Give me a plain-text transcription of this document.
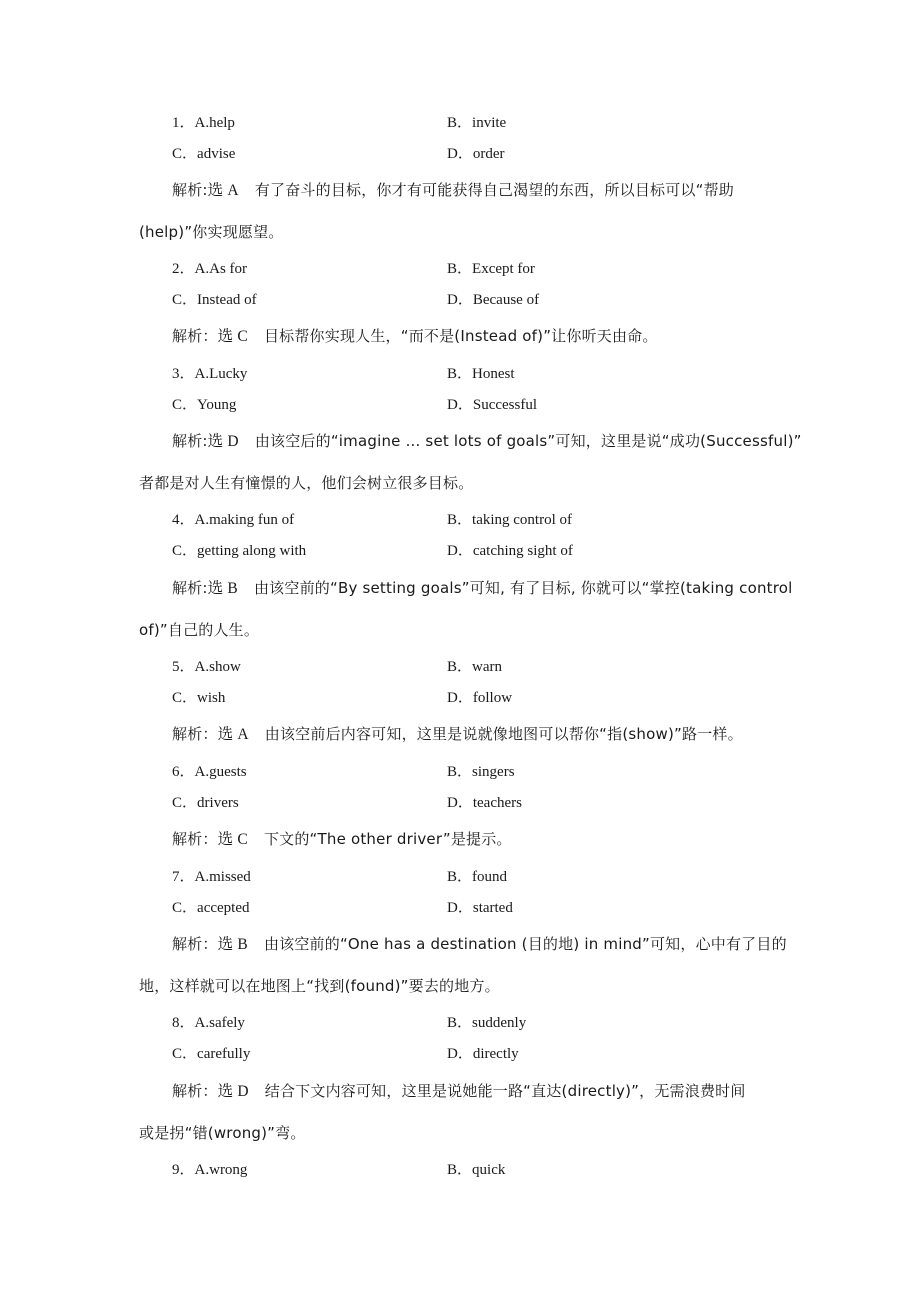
1．A.help	B．invite
C．advise	D．order
解析:选 A 有了奋斗的目标，你才有可能获得自己渴望的东西，所以目标可以“帮助
(help)”你实现愿望。
2．A.As for	B．Except for
C．Instead of	D．Because of
解析：选 C 目标帮你实现人生，“而不是(Instead of)”让你听天由命。
3．A.Lucky	B．Honest
C．Young	D．Successful
解析:选 D 由该空后的“imagine ... set lots of goals”可知，这里是说“成功(Successful)”
者都是对人生有憧憬的人，他们会树立很多目标。
4．A.making fun of	B．taking control of
C．getting along with	D．catching sight of
解析:选 B 由该空前的“By setting goals”可知, 有了目标, 你就可以“掌控(taking control
of)”自己的人生。
5．A.show	B．warn
C．wish	D．follow
解析：选 A 由该空前后内容可知，这里是说就像地图可以帮你“指(show)”路一样。
6．A.guests	B．singers
C．drivers	D．teachers
解析：选 C 下文的“The other driver”是提示。
7．A.missed	B．found
C．accepted	D．started
解析：选 B 由该空前的“One has a destination (目的地) in mind”可知，心中有了目的
地，这样就可以在地图上“找到(found)”要去的地方。
8．A.safely	B．suddenly
C．carefully	D．directly
解析：选 D 结合下文内容可知，这里是说她能一路“直达(directly)”，无需浪费时间
或是拐“错(wrong)”弯。
9．A.wrong	B．quick
